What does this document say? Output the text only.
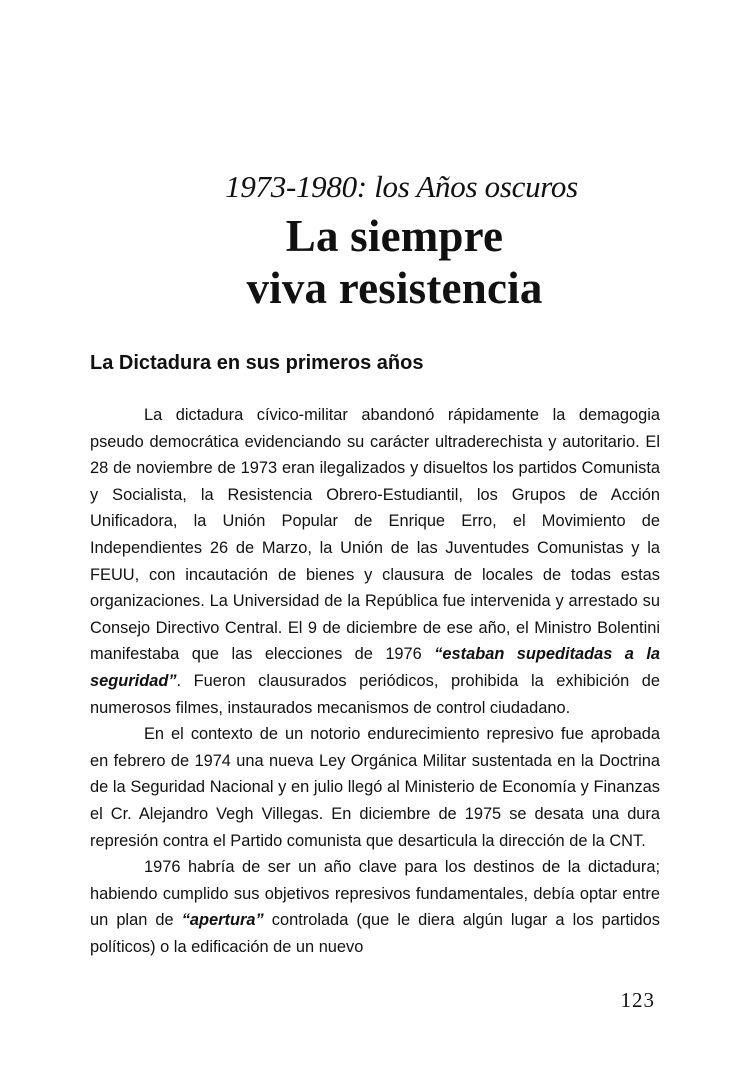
1973-1980: los Años oscuros
La siempre
viva resistencia
La Dictadura en sus primeros años

La dictadura cívico-militar abandonó rápidamente la demagogia pseudo democrática evidenciando su carácter ultraderechista y autoritario. El 28 de noviembre de 1973 eran ilegalizados y disueltos los partidos Comunista y Socialista, la Resistencia Obrero-Estudiantil, los Grupos de Acción Unificadora, la Unión Popular de Enrique Erro, el Movimiento de Independientes 26 de Marzo, la Unión de las Juventudes Comunistas y la FEUU, con incautación de bienes y clausura de locales de todas estas organizaciones. La Universidad de la República fue intervenida y arrestado su Consejo Directivo Central. El 9 de diciembre de ese año, el Ministro Bolentini manifestaba que las elecciones de 1976 “estaban supeditadas a la seguridad”. Fueron clausurados periódicos, prohibida la exhibición de numerosos filmes, instaurados mecanismos de control ciudadano.

En el contexto de un notorio endurecimiento represivo fue aprobada en febrero de 1974 una nueva Ley Orgánica Militar sustentada en la Doctrina de la Seguridad Nacional y en julio llegó al Ministerio de Economía y Finanzas el Cr. Alejandro Vegh Villegas. En diciembre de 1975 se desata una dura represión contra el Partido comunista que desarticula la dirección de la CNT.

1976 habría de ser un año clave para los destinos de la dictadura; habiendo cumplido sus objetivos represivos fundamentales, debía optar entre un plan de “apertura” controlada (que le diera algún lugar a los partidos políticos) o la edificación de un nuevo

123
